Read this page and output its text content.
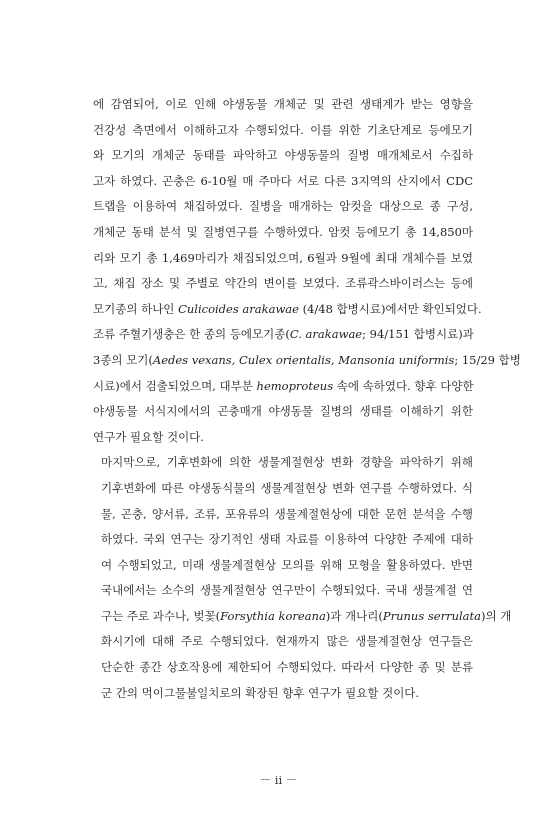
에 감염되어, 이로 인해 야생동물 개체군 및 관련 생태계가 받는 영향을
건강성 측면에서 이해하고자 수행되었다. 이를 위한 기초단계로 등에모기
와 모기의 개체군 동태를 파악하고 야생동물의 질병 매개체로서 수집하
고자 하였다. 곤충은 6-10월 매 주마다 서로 다른 3지역의 산지에서 CDC
트랩을 이용하여 채집하였다. 질병을 매개하는 암컷을 대상으로 종 구성,
개체군 동태 분석 및 질병연구를 수행하였다. 암컷 등에모기 총 14,850마
리와 모기 총 1,469마리가 채집되었으며, 6월과 9월에 최대 개체수를 보였
고, 채집 장소 및 주별로 약간의 변이를 보였다. 조류곽스바이러스는 등에
모기종의 하나인 Culicoides arakawae (4/48 합병시료)에서만 확인되었다.
조류 주혈기생충은 한 종의 등에모기종(C. arakawae; 94/151 합병시료)과
3종의 모기(Aedes vexans, Culex orientalis, Mansonia uniformis; 15/29 합병
시료)에서 검출되었으며, 대부분 hemoproteus 속에 속하였다. 향후 다양한
야생동물 서식지에서의 곤충매개 야생동물 질병의 생태를 이해하기 위한
연구가 필요할 것이다.

마지막으로, 기후변화에 의한 생물계절현상 변화 경향을 파악하기 위해
기후변화에 따른 야생동식물의 생물계절현상 변화 연구를 수행하였다. 식
물, 곤충, 양서류, 조류, 포유류의 생물계절현상에 대한 문헌 분석을 수행
하였다. 국외 연구는 장기적인 생태 자료를 이용하여 다양한 주제에 대하
여 수행되었고, 미래 생물계절현상 모의를 위해 모형을 활용하였다. 반면
국내에서는 소수의 생물계절현상 연구만이 수행되었다. 국내 생물계절 연
구는 주로 과수나, 벚꽃(Forsythia koreana)과 개나리(Prunus serrulata)의 개
화시기에 대해 주로 수행되었다. 현재까지 많은 생물계절현상 연구들은
단순한 종간 상호작용에 제한되어 수행되었다. 따라서 다양한 종 및 분류
군 간의 먹이그물불일치로의 확장된 향후 연구가 필요할 것이다.

－ ii －
